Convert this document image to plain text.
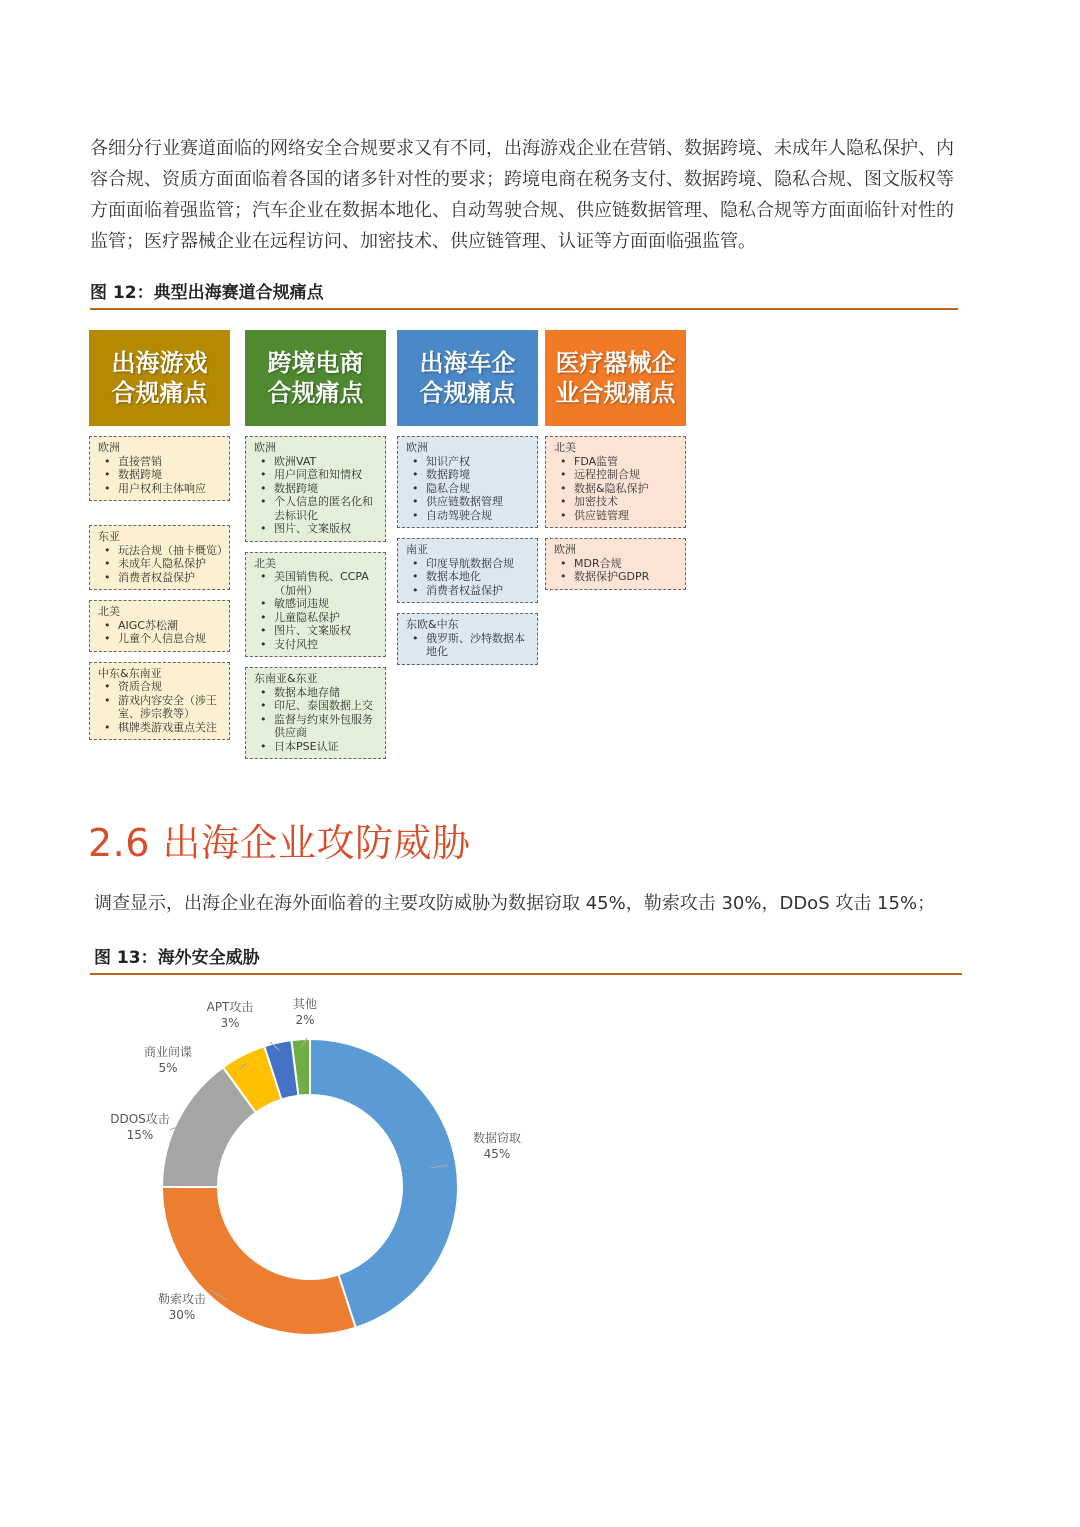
各细分行业赛道面临的网络安全合规要求又有不同，出海游戏企业在营销、数据跨境、未成年人隐私保护、内
容合规、资质方面面临着各国的诸多针对性的要求；跨境电商在税务支付、数据跨境、隐私合规、图文版权等
方面面临着强监管；汽车企业在数据本地化、自动驾驶合规、供应链数据管理、隐私合规等方面面临针对性的
监管；医疗器械企业在远程访问、加密技术、供应链管理、认证等方面面临强监管。
图 12：典型出海赛道合规痛点
出海游戏
合规痛点
欧洲
• 直接营销
• 数据跨境
• 用户权利主体响应
东亚
• 玩法合规（抽卡概览）
• 未成年人隐私保护
• 消费者权益保护
北美
• AIGC苏松潮
• 儿童个人信息合规
中东&东南亚
• 资质合规
• 游戏内容安全（涉王室、涉宗教等）
• 棋牌类游戏重点关注
跨境电商
合规痛点
欧洲
• 欧洲VAT
• 用户同意和知情权
• 数据跨境
• 个人信息的匿名化和去标识化
• 图片、文案版权
北美
• 美国销售税、CCPA（加州）
• 敏感词违规
• 儿童隐私保护
• 图片、文案版权
• 支付风控
东南亚&东亚
• 数据本地存储
• 印尼、泰国数据上交
• 监督与约束外包服务供应商
• 日本PSE认证
出海车企
合规痛点
欧洲
• 知识产权
• 数据跨境
• 隐私合规
• 供应链数据管理
• 自动驾驶合规
南亚
• 印度导航数据合规
• 数据本地化
• 消费者权益保护
东欧&中东
• 俄罗斯、沙特数据本地化
医疗器械企
业合规痛点
北美
• FDA监管
• 远程控制合规
• 数据&隐私保护
• 加密技术
• 供应链管理
欧洲
• MDR合规
• 数据保护GDPR
2.6 出海企业攻防威胁
调查显示，出海企业在海外面临着的主要攻防威胁为数据窃取 45%，勒索攻击 30%，DDoS 攻击 15%；
图 13：海外安全威胁
数据窃取
45%
勒索攻击
30%
DDOS攻击
15%
商业间谍
5%
APT攻击
3%
其他
2%
